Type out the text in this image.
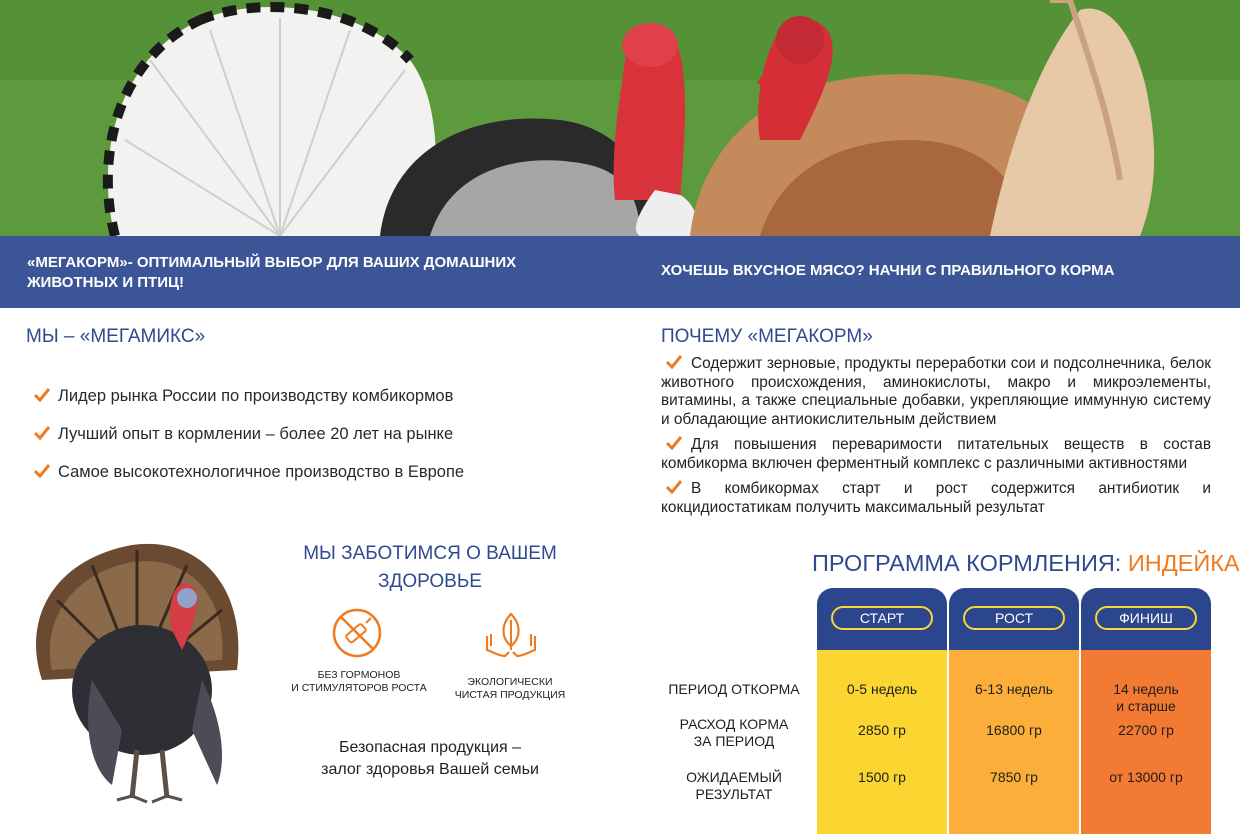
«МЕГАКОРМ»- ОПТИМАЛЬНЫЙ ВЫБОР ДЛЯ ВАШИХ ДОМАШНИХ ЖИВОТНЫХ И ПТИЦ!
ХОЧЕШЬ ВКУСНОЕ МЯСО? НАЧНИ С ПРАВИЛЬНОГО КОРМА
МЫ – «МЕГАМИКС»
Лидер рынка России по производству комбикормов
Лучший опыт в кормлении – более 20 лет на рынке
Самое высокотехнологичное производство в Европе
МЫ ЗАБОТИМСЯ О ВАШЕМ ЗДОРОВЬЕ
БЕЗ ГОРМОНОВ
И СТИМУЛЯТОРОВ РОСТА	ЭКОЛОГИЧЕСКИ
ЧИСТАЯ ПРОДУКЦИЯ
Безопасная продукция –
залог здоровья Вашей семьи
ПОЧЕМУ «МЕГАКОРМ»
Содержит зерновые, продукты переработки сои и подсолнечника, белок животного происхождения, аминокислоты, макро и микроэлементы, витамины, а также специальные добавки, укрепляющие иммунную систему и обладающие антиокислительным действием
Для повышения переваримости питательных веществ в состав комбикорма включен ферментный комплекс с различными активностями
В комбикормах старт и рост содержится антибиотик и кокцидиостатикам получить максимальный результат
ПРОГРАММА КОРМЛЕНИЯ: ИНДЕЙКА
ПЕРИОД ОТКОРМА
РАСХОД КОРМА
ЗА ПЕРИОД
ОЖИДАЕМЫЙ
РЕЗУЛЬТАТ
СТАРТ
0-5 недель
2850 гр
1500 гр
РОСТ
6-13 недель
16800 гр
7850 гр
ФИНИШ
14 недель
и старше
22700 гр
от 13000 гр
